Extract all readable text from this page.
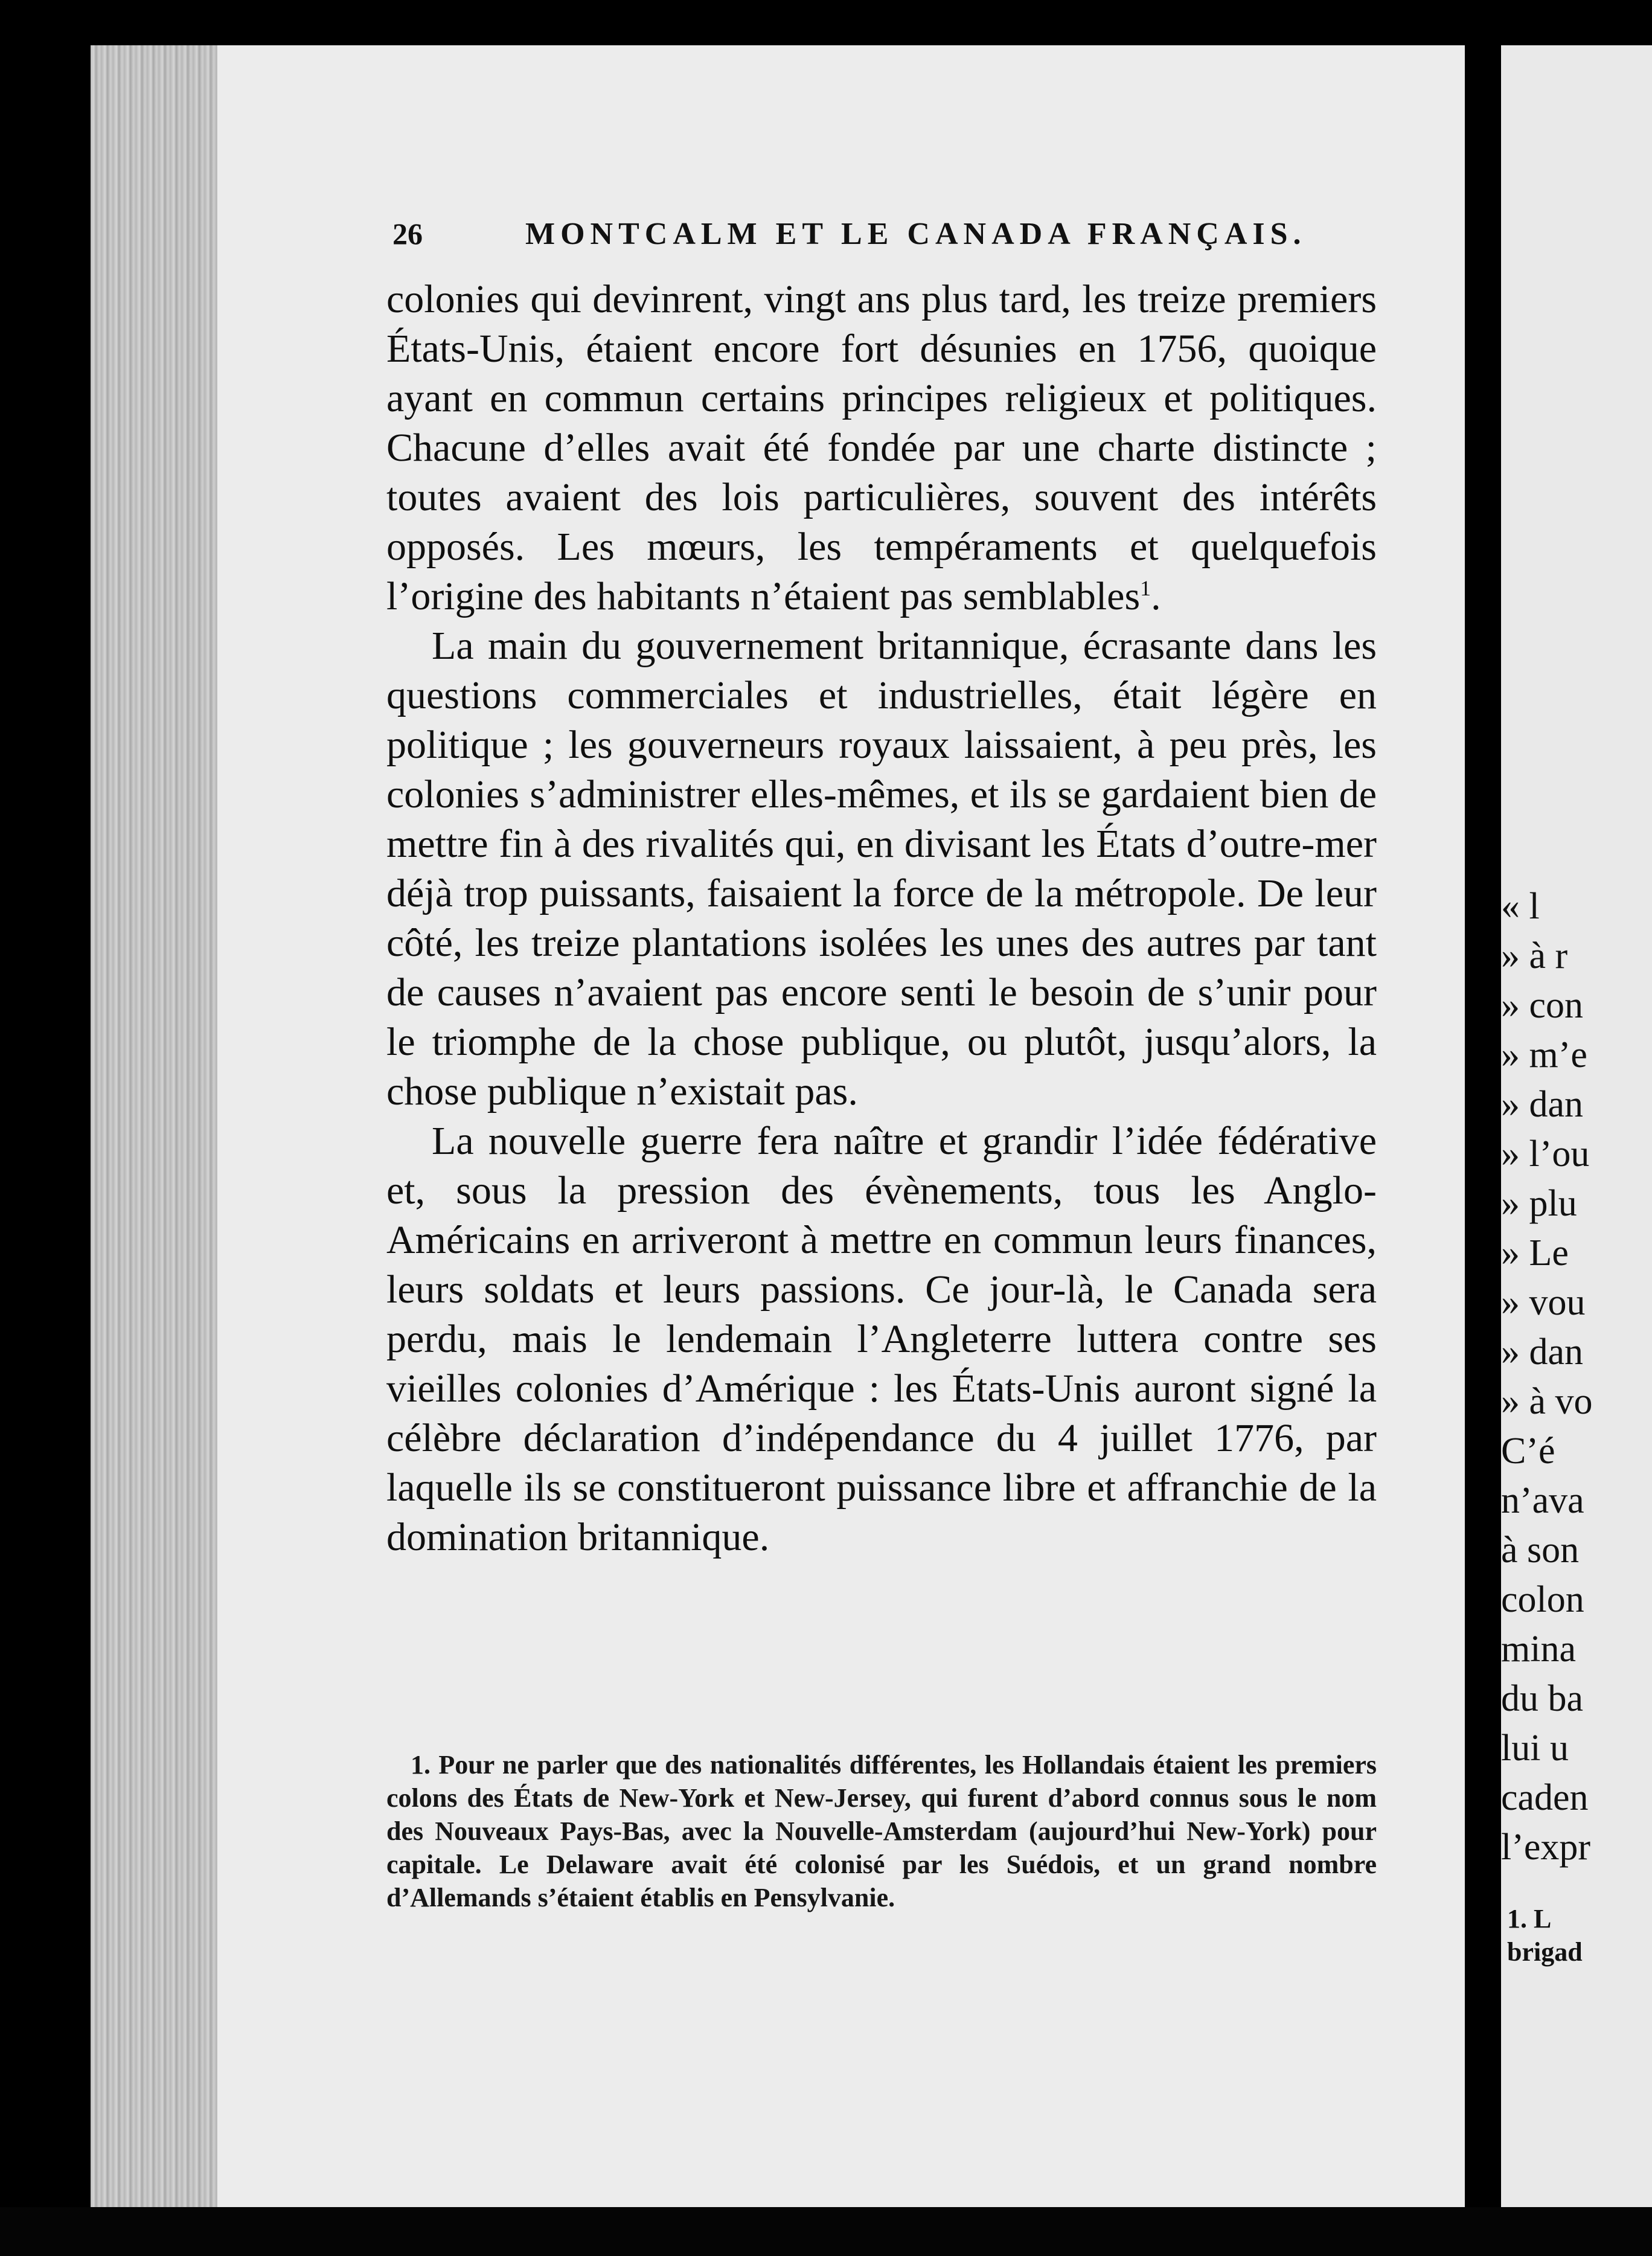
26	MONTCALM ET LE CANADA FRANÇAIS.

colonies qui devinrent, vingt ans plus tard, les treize premiers États-Unis, étaient encore fort désunies en 1756, quoique ayant en commun certains principes religieux et politiques. Chacune d’elles avait été fondée par une charte distincte ; toutes avaient des lois particulières, souvent des intérêts opposés. Les mœurs, les tempéraments et quelquefois l’origine des habitants n’étaient pas semblables$^1$.

La main du gouvernement britannique, écrasante dans les questions commerciales et industrielles, était légère en politique ; les gouverneurs royaux laissaient, à peu près, les colonies s’administrer elles-mêmes, et ils se gardaient bien de mettre fin à des rivalités qui, en divisant les États d’outre-mer déjà trop puissants, faisaient la force de la métropole. De leur côté, les treize plantations isolées les unes des autres par tant de causes n’avaient pas encore senti le besoin de s’unir pour le triomphe de la chose publique, ou plutôt, jusqu’alors, la chose publique n’existait pas.

La nouvelle guerre fera naître et grandir l’idée fédérative et, sous la pression des évènements, tous les Anglo-Américains en arriveront à mettre en commun leurs finances, leurs soldats et leurs passions. Ce jour-là, le Canada sera perdu, mais le lendemain l’Angleterre luttera contre ses vieilles colonies d’Amérique : les États-Unis auront signé la célèbre déclaration d’indépendance du 4 juillet 1776, par laquelle ils se constitueront puissance libre et affranchie de la domination britannique.

1. Pour ne parler que des nationalités différentes, les Hollandais étaient les premiers colons des États de New-York et New-Jersey, qui furent d’abord connus sous le nom des Nouveaux Pays-Bas, avec la Nouvelle-Amsterdam (aujourd’hui New-York) pour capitale. Le Delaware avait été colonisé par les Suédois, et un grand nombre d’Allemands s’étaient établis en Pensylvanie.
« l
» à r
» con
» m’e
» dan
» l’ou
» plu
» Le
» vou
» dan
» à vo
C’é
n’ava
à son
colon
mina
du ba
lui u
caden
l’expr
1. L
brigad
